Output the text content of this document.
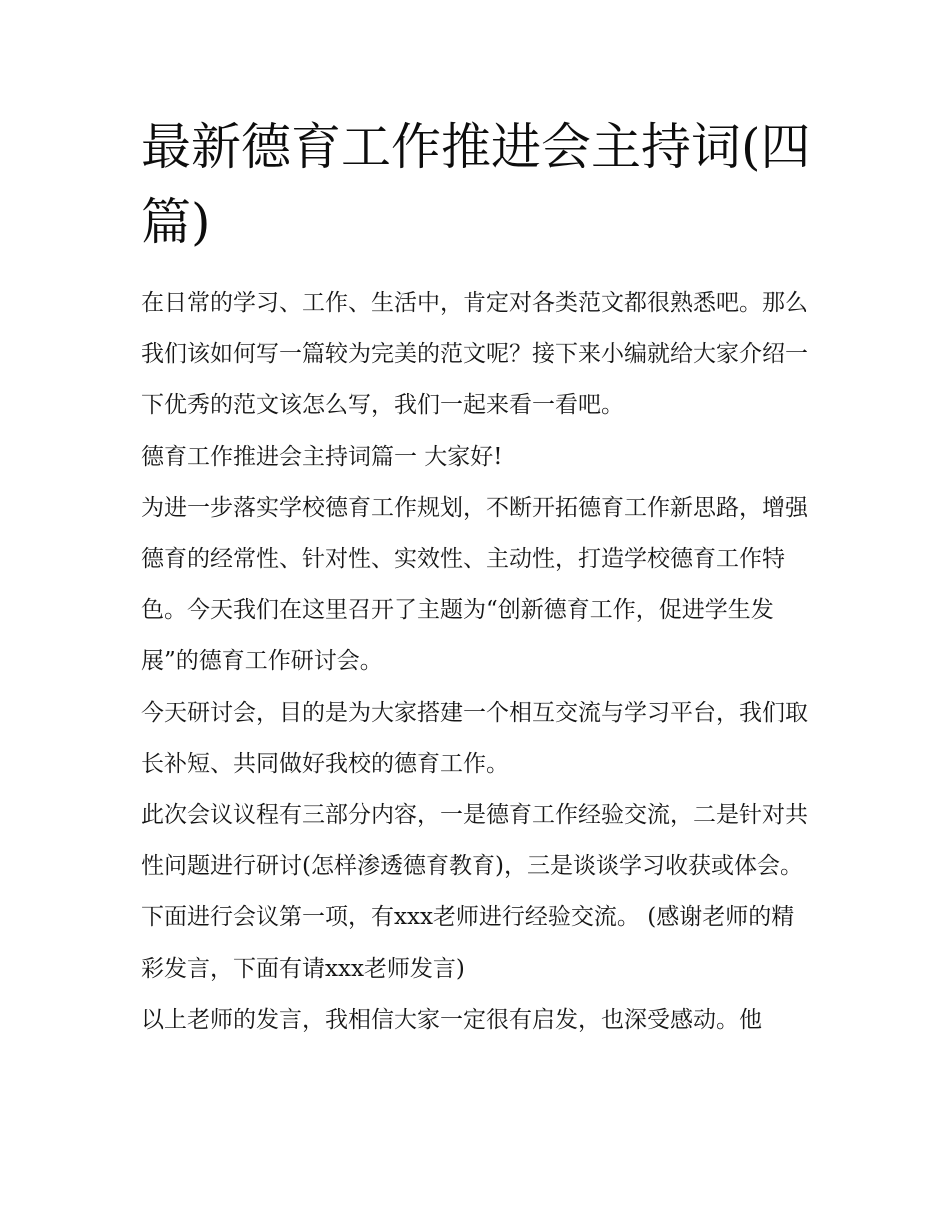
最新德育工作推进会主持词(四篇)

在日常的学习、工作、生活中，肯定对各类范文都很熟悉吧。那么我们该如何写一篇较为完美的范文呢？接下来小编就给大家介绍一下优秀的范文该怎么写，我们一起来看一看吧。

德育工作推进会主持词篇一 大家好!

为进一步落实学校德育工作规划，不断开拓德育工作新思路，增强德育的经常性、针对性、实效性、主动性，打造学校德育工作特色。今天我们在这里召开了主题为“创新德育工作，促进学生发展”的德育工作研讨会。

今天研讨会，目的是为大家搭建一个相互交流与学习平台，我们取长补短、共同做好我校的德育工作。

此次会议议程有三部分内容，一是德育工作经验交流，二是针对共性问题进行研讨(怎样渗透德育教育)，三是谈谈学习收获或体会。

下面进行会议第一项，有xxx老师进行经验交流。 (感谢老师的精彩发言，下面有请xxx老师发言)

以上老师的发言，我相信大家一定很有启发，也深受感动。他
